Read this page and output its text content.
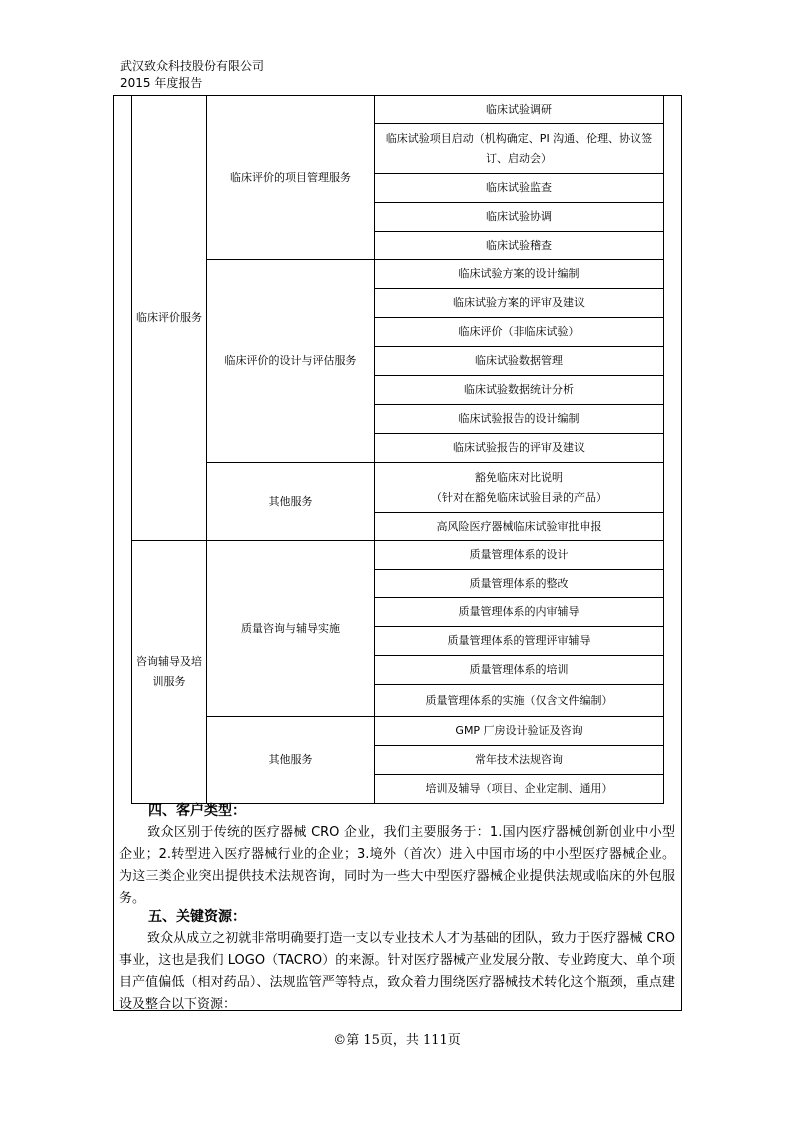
武汉致众科技股份有限公司
2015 年度报告
临床评价服务	临床评价的项目管理服务	临床试验调研
		临床试验项目启动（机构确定、PI 沟通、伦理、协议签订、启动会）
		临床试验监查
		临床试验协调
		临床试验稽查
	临床评价的设计与评估服务	临床试验方案的设计编制
		临床试验方案的评审及建议
		临床评价（非临床试验）
		临床试验数据管理
		临床试验数据统计分析
		临床试验报告的设计编制
		临床试验报告的评审及建议
	其他服务	豁免临床对比说明
（针对在豁免临床试验目录的产品）
		高风险医疗器械临床试验审批申报
咨询辅导及培训服务	质量咨询与辅导实施	质量管理体系的设计
		质量管理体系的整改
		质量管理体系的内审辅导
		质量管理体系的管理评审辅导
		质量管理体系的培训
		质量管理体系的实施（仅含文件编制）
	其他服务	GMP 厂房设计验证及咨询
		常年技术法规咨询
		培训及辅导（项目、企业定制、通用）
四、客户类型：
致众区别于传统的医疗器械 CRO 企业，我们主要服务于：1.国内医疗器械创新创业中小型企业；2.转型进入医疗器械行业的企业；3.境外（首次）进入中国市场的中小型医疗器械企业。为这三类企业突出提供技术法规咨询，同时为一些大中型医疗器械企业提供法规或临床的外包服务。
五、关键资源：
致众从成立之初就非常明确要打造一支以专业技术人才为基础的团队，致力于医疗器械 CRO 事业，这也是我们 LOGO（TACRO）的来源。针对医疗器械产业发展分散、专业跨度大、单个项目产值偏低（相对药品）、法规监管严等特点，致众着力围绕医疗器械技术转化这个瓶颈，重点建设及整合以下资源：
©第 15页，共 111页
